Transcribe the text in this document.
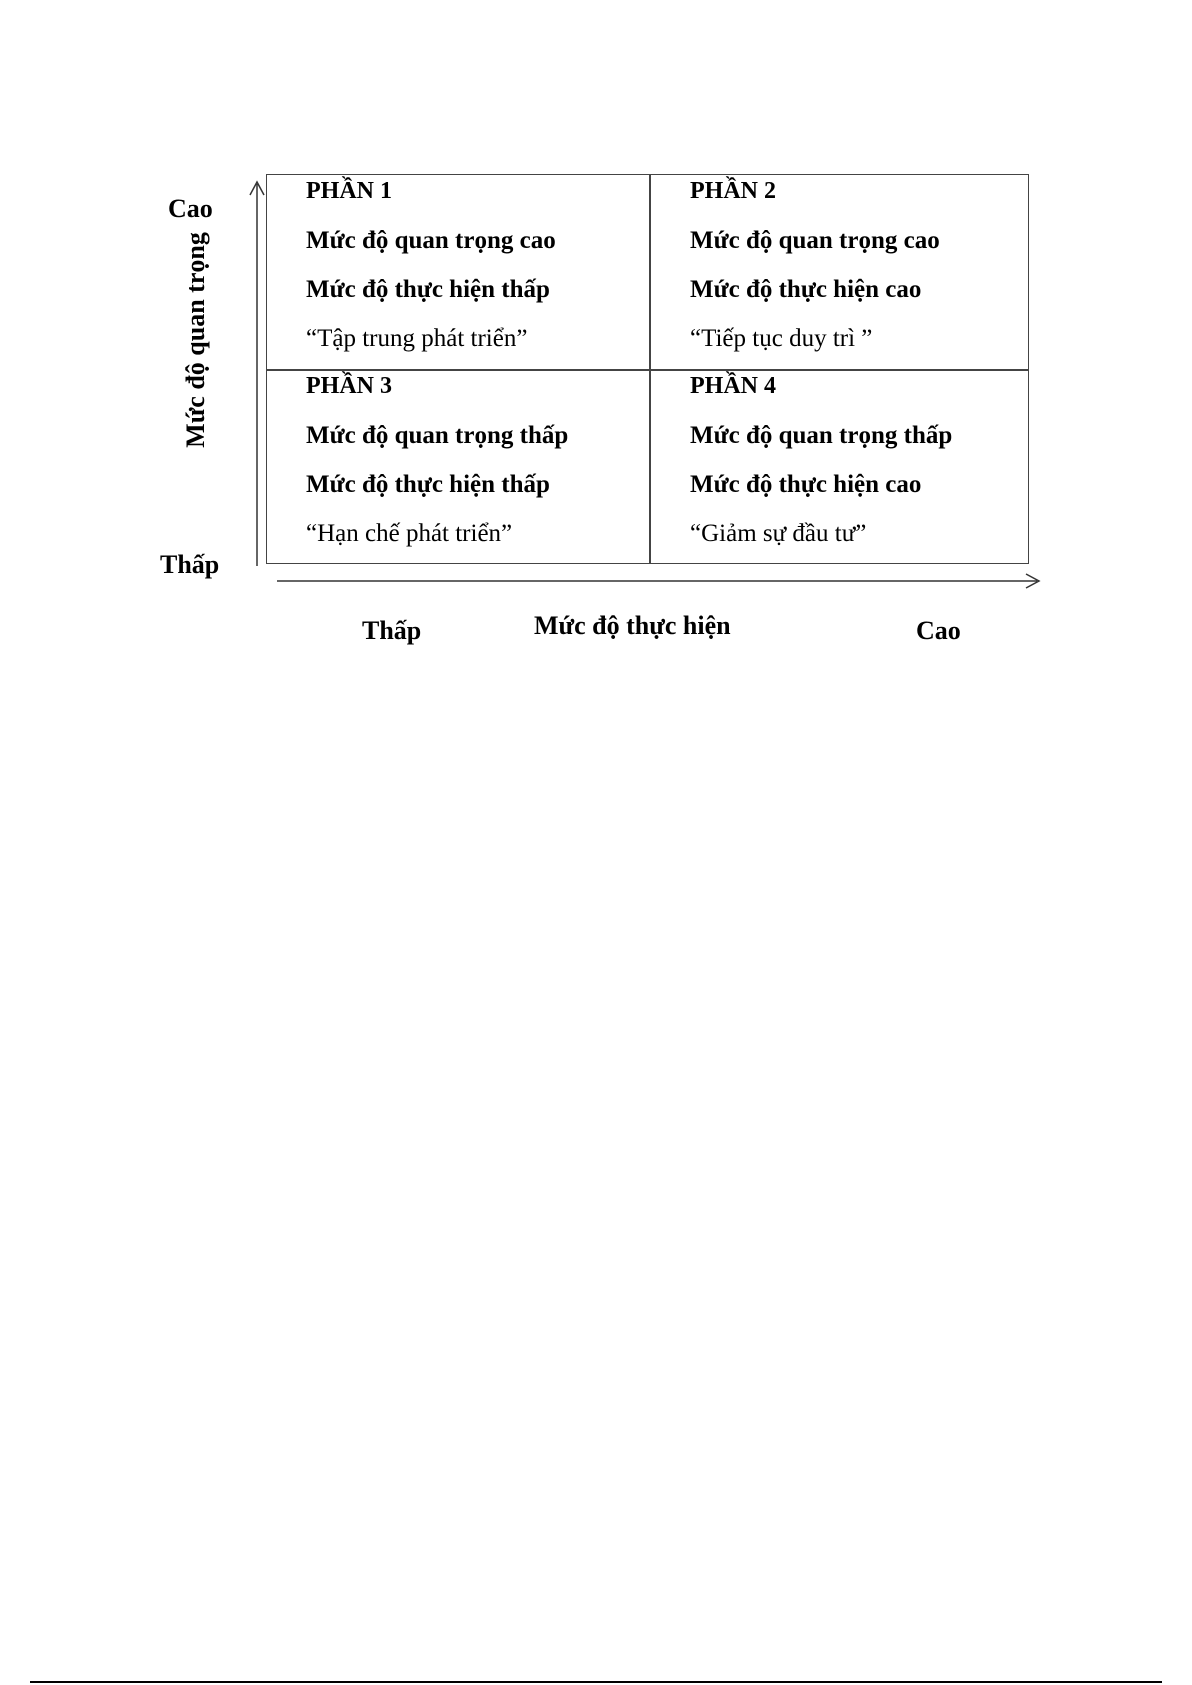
PHẦN 1
Mức độ quan trọng cao
Mức độ thực hiện thấp
“Tập trung phát triển”
PHẦN 2
Mức độ quan trọng cao
Mức độ thực hiện cao
“Tiếp tục duy trì ”
PHẦN 3
Mức độ quan trọng thấp
Mức độ thực hiện thấp
“Hạn chế phát triển”
PHẦN 4
Mức độ quan trọng thấp
Mức độ thực hiện cao
“Giảm sự đầu tư”
Cao
Thấp
Mức độ quan trọng
Thấp	Mức độ thực hiện	Cao
